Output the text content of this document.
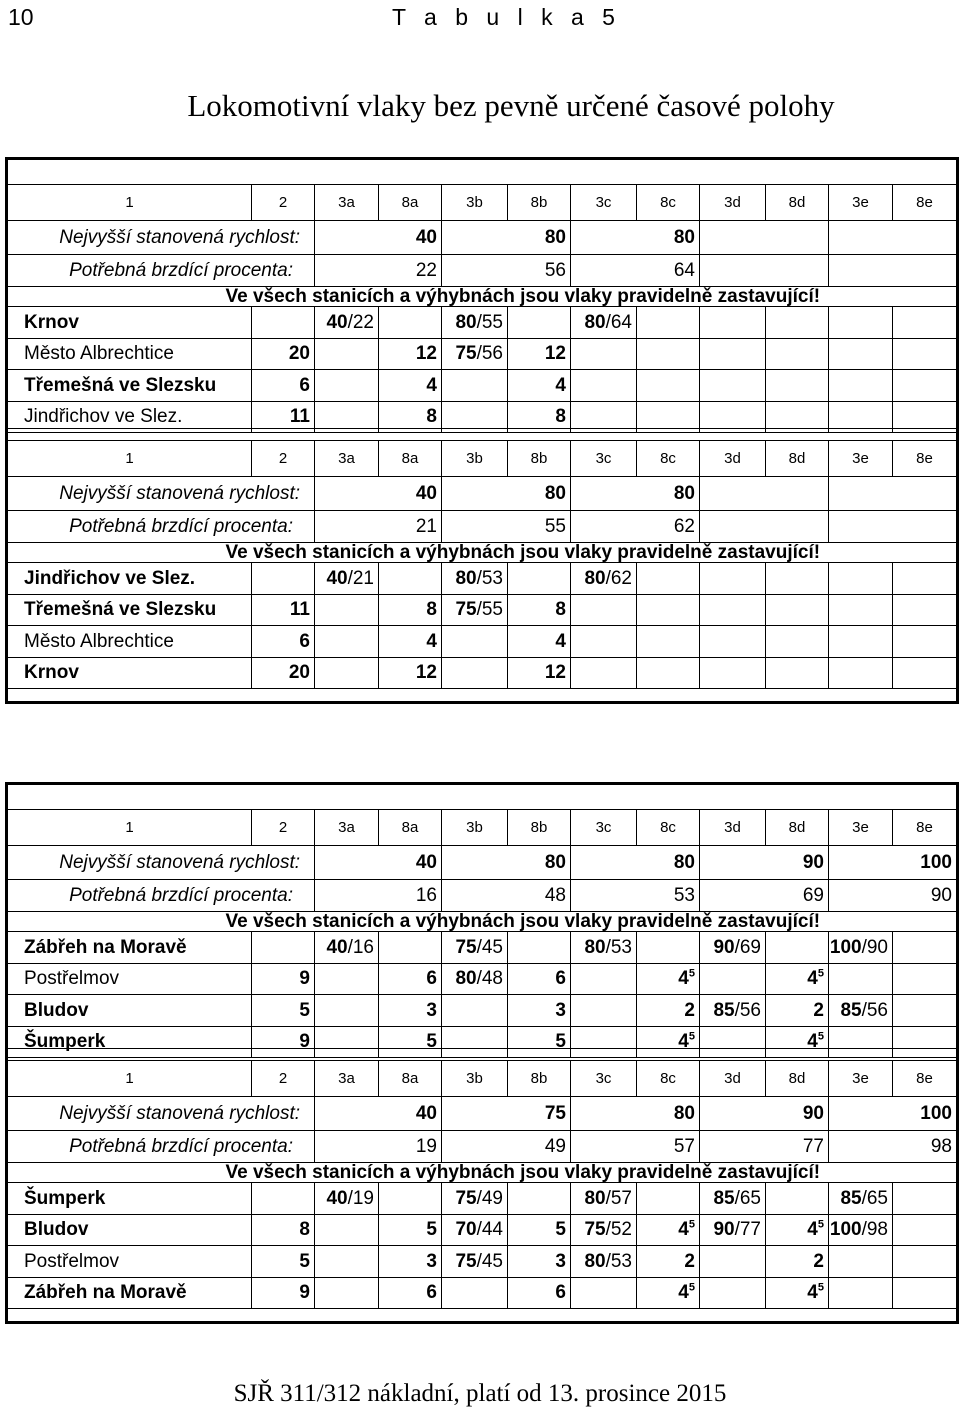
10	T a b u l k a 5
Lokomotivní vlaky bez pevně určené časové polohy

1	2	3a	8a	3b	8b	3c	8c	3d	8d	3e	8e
Nejvyšší stanovená rychlost:		40		80		80					
Potřebná brzdící procenta:		22		56		64					
	Ve všech stanicích a výhybnách jsou vlaky pravidelně zastavující!										
Krnov		40/22		80/55		80/64					
Město Albrechtice	20		12	75/56	12						
Třemešná ve Slezsku	6		4		4						
Jindřichov ve Slez.	11		8		8						

1	2	3a	8a	3b	8b	3c	8c	3d	8d	3e	8e
Nejvyšší stanovená rychlost:		40		80		80					
Potřebná brzdící procenta:		21		55		62					
	Ve všech stanicích a výhybnách jsou vlaky pravidelně zastavující!										
Jindřichov ve Slez.		40/21		80/53		80/62					
Třemešná ve Slezsku	11		8	75/55	8						
Město Albrechtice	6		4		4						
Krnov	20		12		12						

1	2	3a	8a	3b	8b	3c	8c	3d	8d	3e	8e
Nejvyšší stanovená rychlost:		40		80		80		90		100	
Potřebná brzdící procenta:		16		48		53		69		90	
	Ve všech stanicích a výhybnách jsou vlaky pravidelně zastavující!										
Zábřeh na Moravě		40/16		75/45		80/53		90/69		100/90	
Postřelmov	9		6	80/48	6		$4^5$		$4^5$		
Bludov	5		3		3		2	85/56	2	85/56	
Šumperk	9		5		5		$4^5$		$4^5$		

1	2	3a	8a	3b	8b	3c	8c	3d	8d	3e	8e
Nejvyšší stanovená rychlost:		40		75		80		90		100	
Potřebná brzdící procenta:		19		49		57		77		98	
	Ve všech stanicích a výhybnách jsou vlaky pravidelně zastavující!										
Šumperk		40/19		75/49		80/57		85/65		85/65	
Bludov	8		5	70/44	5	75/52	$4^5$	90/77	$4^5$	100/98	
Postřelmov	5		3	75/45	3	80/53	2		2		
Zábřeh na Moravě	9		6		6		$4^5$		$4^5$		

SJŘ 311/312 nákladní, platí od 13. prosince 2015
